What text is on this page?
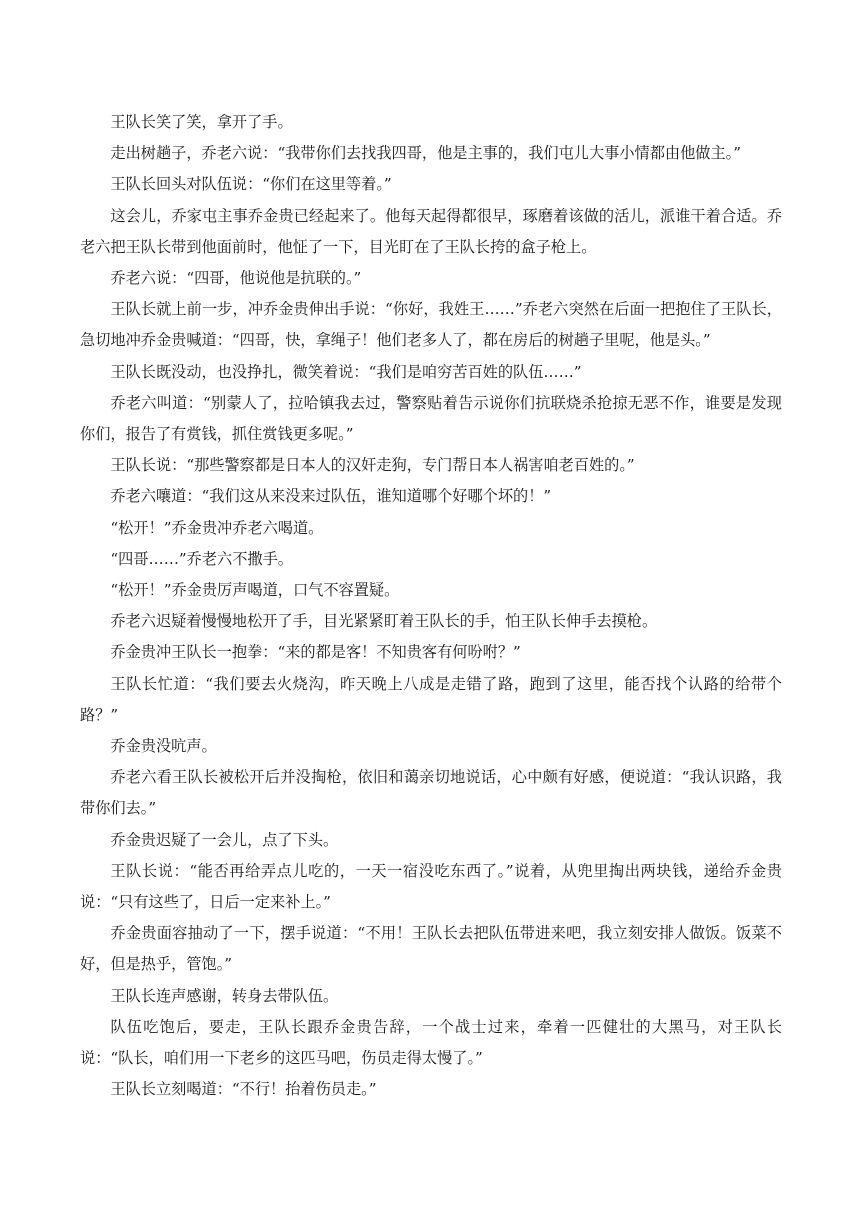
王队长笑了笑，拿开了手。

走出树趟子，乔老六说：“我带你们去找我四哥，他是主事的，我们屯儿大事小情都由他做主。”

王队长回头对队伍说：“你们在这里等着。”

这会儿，乔家屯主事乔金贵已经起来了。他每天起得都很早，琢磨着该做的活儿，派谁干着合适。乔老六把王队长带到他面前时，他怔了一下，目光盯在了王队长挎的盒子枪上。

乔老六说：“四哥，他说他是抗联的。”

王队长就上前一步，冲乔金贵伸出手说：“你好，我姓王……”乔老六突然在后面一把抱住了王队长，急切地冲乔金贵喊道：“四哥，快，拿绳子！他们老多人了，都在房后的树趟子里呢，他是头。”

王队长既没动，也没挣扎，微笑着说：“我们是咱穷苦百姓的队伍……”

乔老六叫道：“别蒙人了，拉哈镇我去过，警察贴着告示说你们抗联烧杀抢掠无恶不作，谁要是发现你们，报告了有赏钱，抓住赏钱更多呢。”

王队长说：“那些警察都是日本人的汉奸走狗，专门帮日本人祸害咱老百姓的。”

乔老六嚷道：“我们这从来没来过队伍，谁知道哪个好哪个坏的！”

“松开！”乔金贵冲乔老六喝道。

“四哥……”乔老六不撒手。

“松开！”乔金贵厉声喝道，口气不容置疑。

乔老六迟疑着慢慢地松开了手，目光紧紧盯着王队长的手，怕王队长伸手去摸枪。

乔金贵冲王队长一抱拳：“来的都是客！不知贵客有何吩咐？”

王队长忙道：“我们要去火烧沟，昨天晚上八成是走错了路，跑到了这里，能否找个认路的给带个路？”

乔金贵没吭声。

乔老六看王队长被松开后并没掏枪，依旧和蔼亲切地说话，心中颇有好感，便说道：“我认识路，我带你们去。”

乔金贵迟疑了一会儿，点了下头。

王队长说：“能否再给弄点儿吃的，一天一宿没吃东西了。”说着，从兜里掏出两块钱，递给乔金贵说：“只有这些了，日后一定来补上。”

乔金贵面容抽动了一下，摆手说道：“不用！王队长去把队伍带进来吧，我立刻安排人做饭。饭菜不好，但是热乎，管饱。”

王队长连声感谢，转身去带队伍。

队伍吃饱后，要走，王队长跟乔金贵告辞，一个战士过来，牵着一匹健壮的大黑马，对王队长说：“队长，咱们用一下老乡的这匹马吧，伤员走得太慢了。”

王队长立刻喝道：“不行！抬着伤员走。”
